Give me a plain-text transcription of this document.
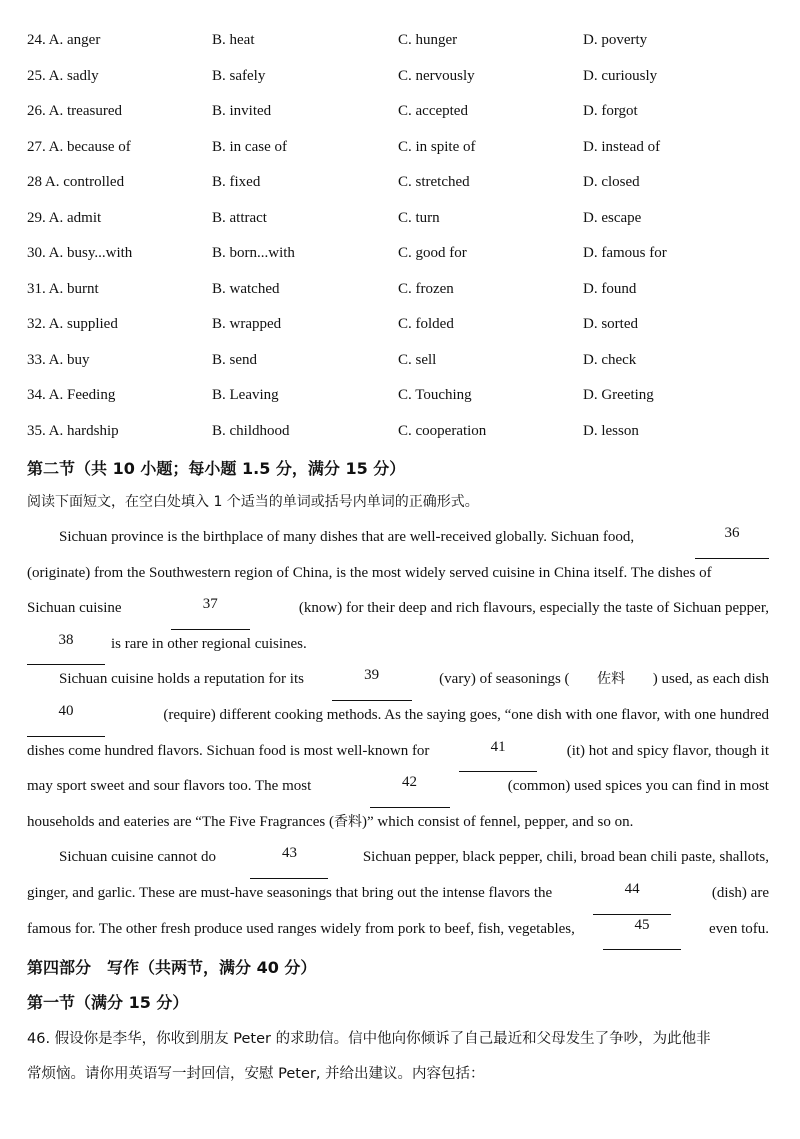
24. A. anger	B. heat	C. hunger	D. poverty
25. A. sadly	B. safely	C. nervously	D. curiously
26. A. treasured	B. invited	C. accepted	D. forgot
27. A. because of	B. in case of	C. in spite of	D. instead of
28 A. controlled	B. fixed	C. stretched	D. closed
29. A. admit	B. attract	C. turn	D. escape
30. A. busy...with	B. born...with	C. good for	D. famous for
31. A. burnt	B. watched	C. frozen	D. found
32. A. supplied	B. wrapped	C. folded	D. sorted
33. A. buy	B. send	C. sell	D. check
34. A. Feeding	B. Leaving	C. Touching	D. Greeting
35. A. hardship	B. childhood	C. cooperation	D. lesson
第二节（共 10 小题；每小题 1.5 分，满分 15 分）
阅读下面短文，在空白处填入 1 个适当的单词或括号内单词的正确形式。
Sichuan province is the birthplace of many dishes that are well-received globally. Sichuan food,	36
(originate) from the Southwestern region of China, is the most widely served cuisine in China itself. The dishes of
Sichuan cuisine	37	(know) for their deep and rich flavours, especially the taste of Sichuan pepper,
38	is rare in other regional cuisines.
Sichuan cuisine holds a reputation for its	39	(vary) of seasonings ( 佐料 ) used, as each dish
40	(require) different cooking methods. As the saying goes, “one dish with one flavor, with one hundred
dishes come hundred flavors. Sichuan food is most well-known for	41	(it) hot and spicy flavor, though it
may sport sweet and sour flavors too. The most	42	(common) used spices you can find in most
households and eateries are “The Five Fragrances ( 香料 )” which consist of fennel, pepper, and so on.
Sichuan cuisine cannot do	43	Sichuan pepper, black pepper, chili, broad bean chili paste, shallots,
ginger, and garlic. These are must-have seasonings that bring out the intense flavors the	44	(dish) are
famous for. The other fresh produce used ranges widely from pork to beef, fish, vegetables,	45	even tofu.
第四部分　写作（共两节，满分 40 分）
第一节（满分 15 分）
46. 假设你是李华，你收到朋友 Peter 的求助信。信中他向你倾诉了自己最近和父母发生了争吵，为此他非
常烦恼。请你用英语写一封回信，安慰 Peter, 并给出建议。内容包括：
